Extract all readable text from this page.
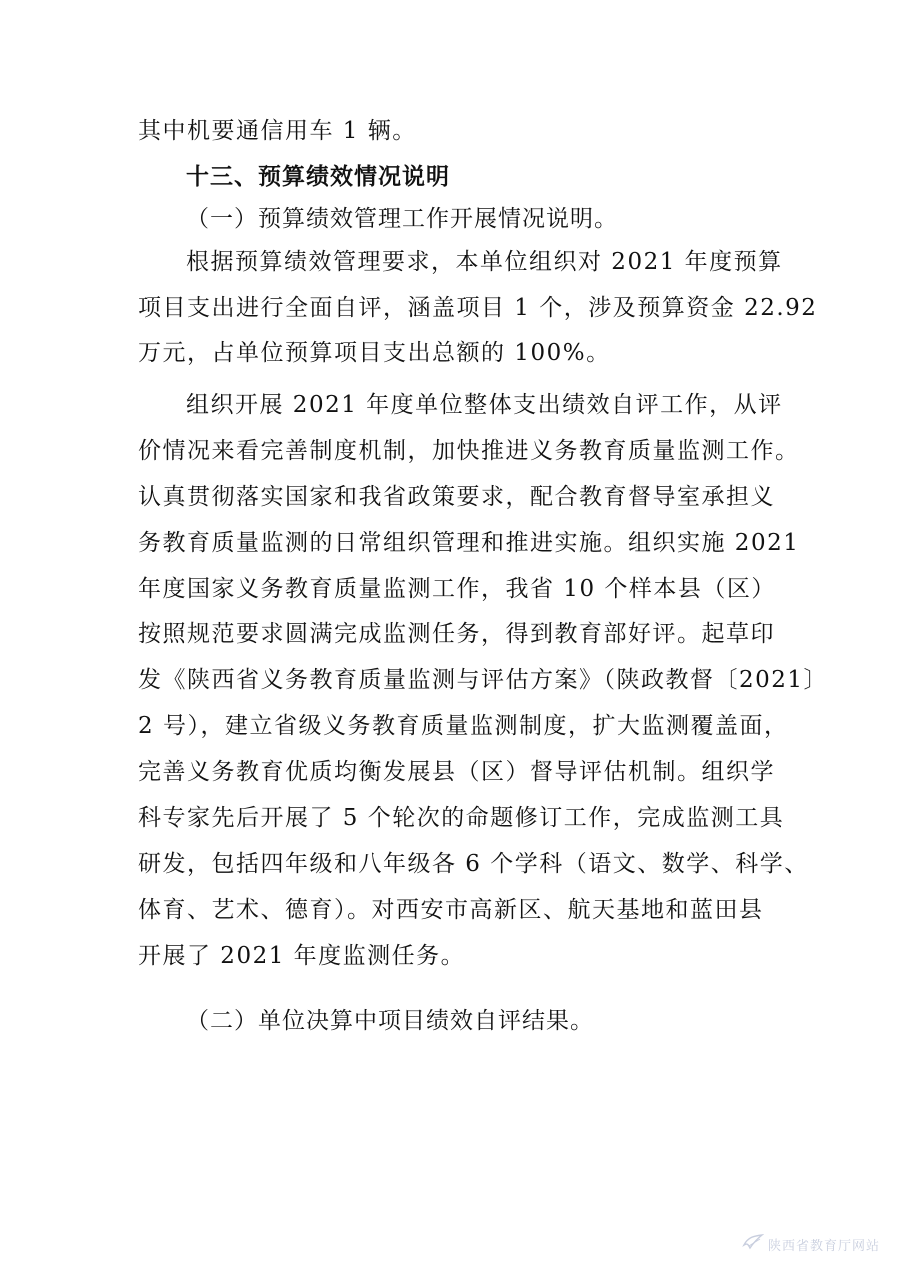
其中机要通信用车 1 辆。

十三、预算绩效情况说明

（一）预算绩效管理工作开展情况说明。

根据预算绩效管理要求，本单位组织对 2021 年度预算

项目支出进行全面自评，涵盖项目 1 个，涉及预算资金 22.92

万元，占单位预算项目支出总额的 100%。

组织开展 2021 年度单位整体支出绩效自评工作，从评

价情况来看完善制度机制，加快推进义务教育质量监测工作。

认真贯彻落实国家和我省政策要求，配合教育督导室承担义

务教育质量监测的日常组织管理和推进实施。组织实施 2021

年度国家义务教育质量监测工作，我省 10 个样本县（区）

按照规范要求圆满完成监测任务，得到教育部好评。起草印

发《陕西省义务教育质量监测与评估方案》（陕政教督〔2021〕

2 号），建立省级义务教育质量监测制度，扩大监测覆盖面，

完善义务教育优质均衡发展县（区）督导评估机制。组织学

科专家先后开展了 5 个轮次的命题修订工作，完成监测工具

研发，包括四年级和八年级各 6 个学科（语文、数学、科学、

体育、艺术、德育）。对西安市高新区、航天基地和蓝田县

开展了 2021 年度监测任务。

（二）单位决算中项目绩效自评结果。

陕西省教育厅网站
